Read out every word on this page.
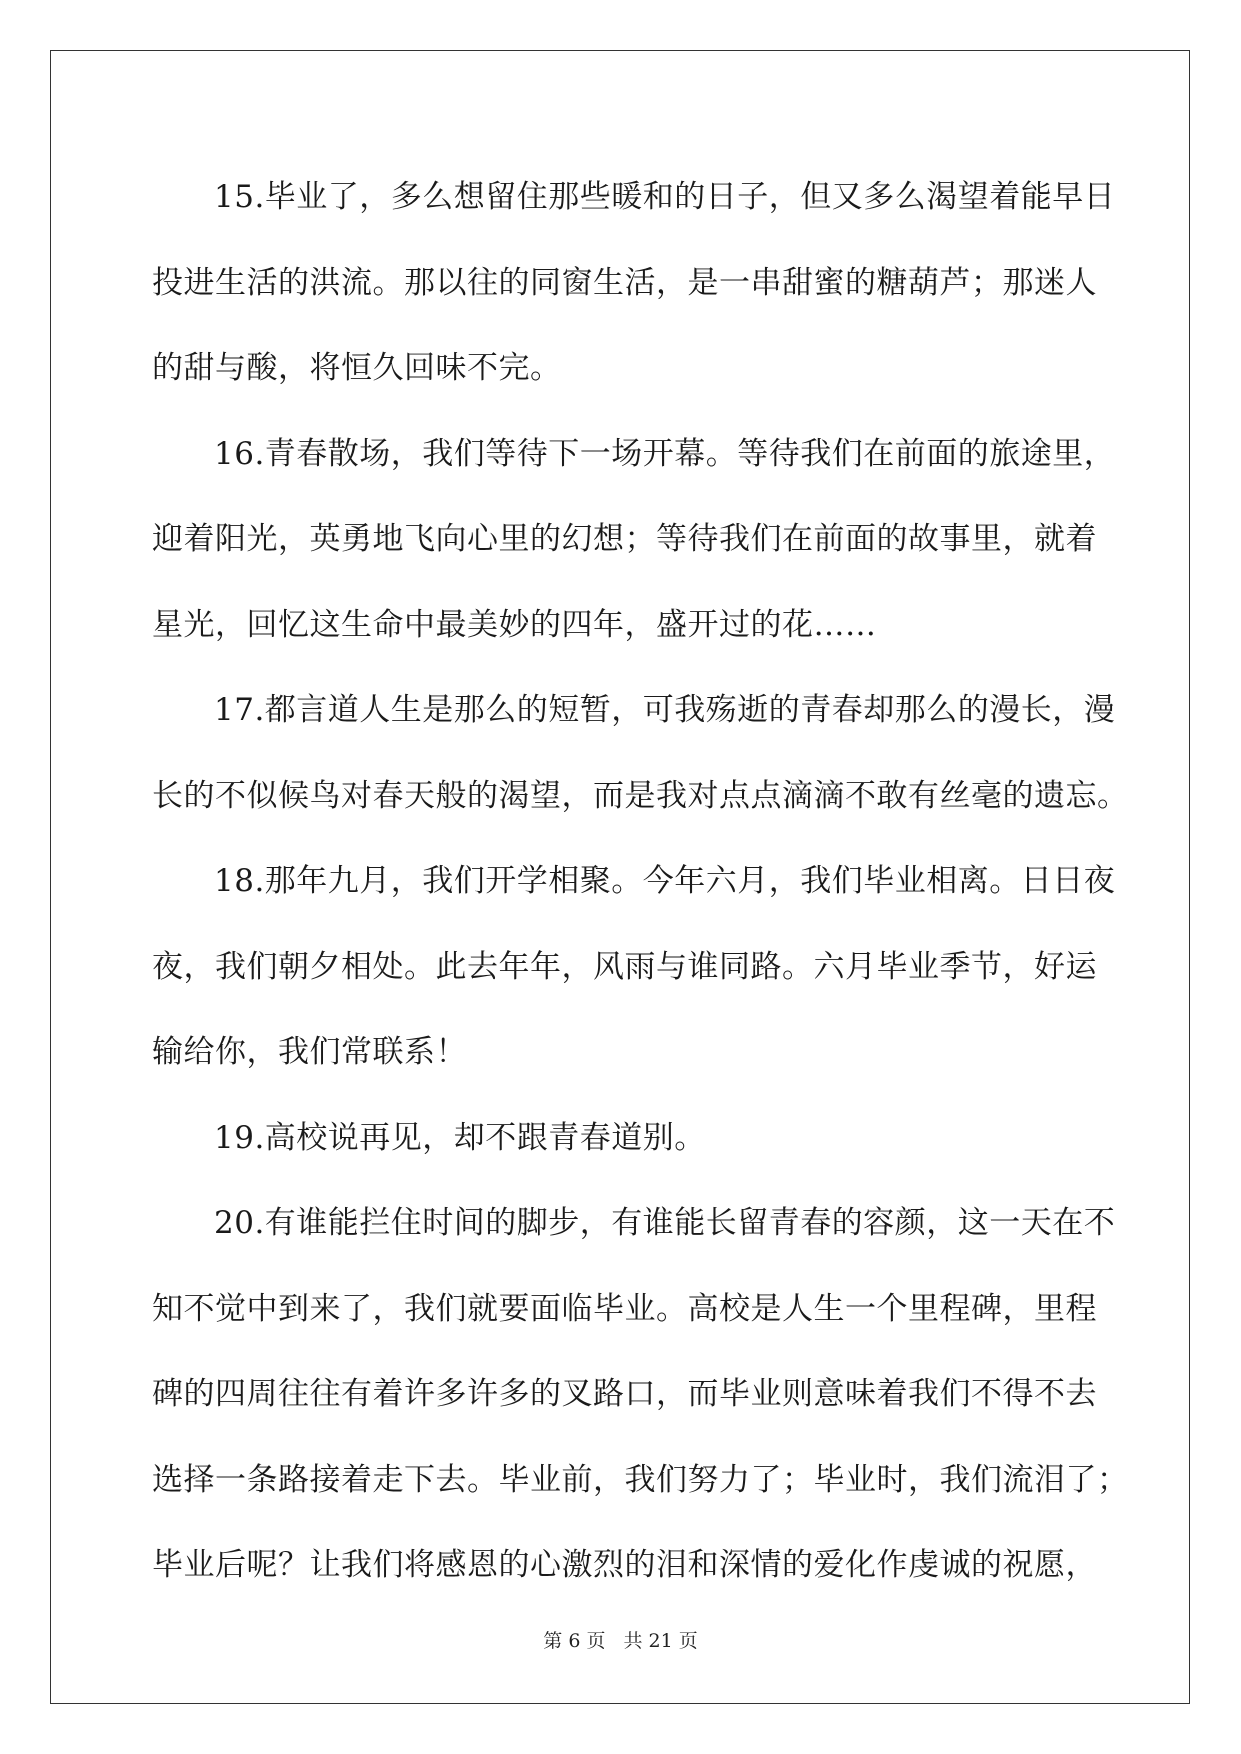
15.毕业了，多么想留住那些暖和的日子，但又多么渴望着能早日
投进生活的洪流。那以往的同窗生活，是一串甜蜜的糖葫芦；那迷人
的甜与酸，将恒久回味不完。

16.青春散场，我们等待下一场开幕。等待我们在前面的旅途里，
迎着阳光，英勇地飞向心里的幻想；等待我们在前面的故事里，就着
星光，回忆这生命中最美妙的四年，盛开过的花……

17.都言道人生是那么的短暂，可我殇逝的青春却那么的漫长，漫
长的不似候鸟对春天般的渴望，而是我对点点滴滴不敢有丝毫的遗忘。

18.那年九月，我们开学相聚。今年六月，我们毕业相离。日日夜
夜，我们朝夕相处。此去年年，风雨与谁同路。六月毕业季节，好运
输给你，我们常联系！

19.高校说再见，却不跟青春道别。

20.有谁能拦住时间的脚步，有谁能长留青春的容颜，这一天在不
知不觉中到来了，我们就要面临毕业。高校是人生一个里程碑，里程
碑的四周往往有着许多许多的叉路口，而毕业则意味着我们不得不去
选择一条路接着走下去。毕业前，我们努力了；毕业时，我们流泪了；
毕业后呢？让我们将感恩的心激烈的泪和深情的爱化作虔诚的祝愿，

第 6 页 共 21 页
